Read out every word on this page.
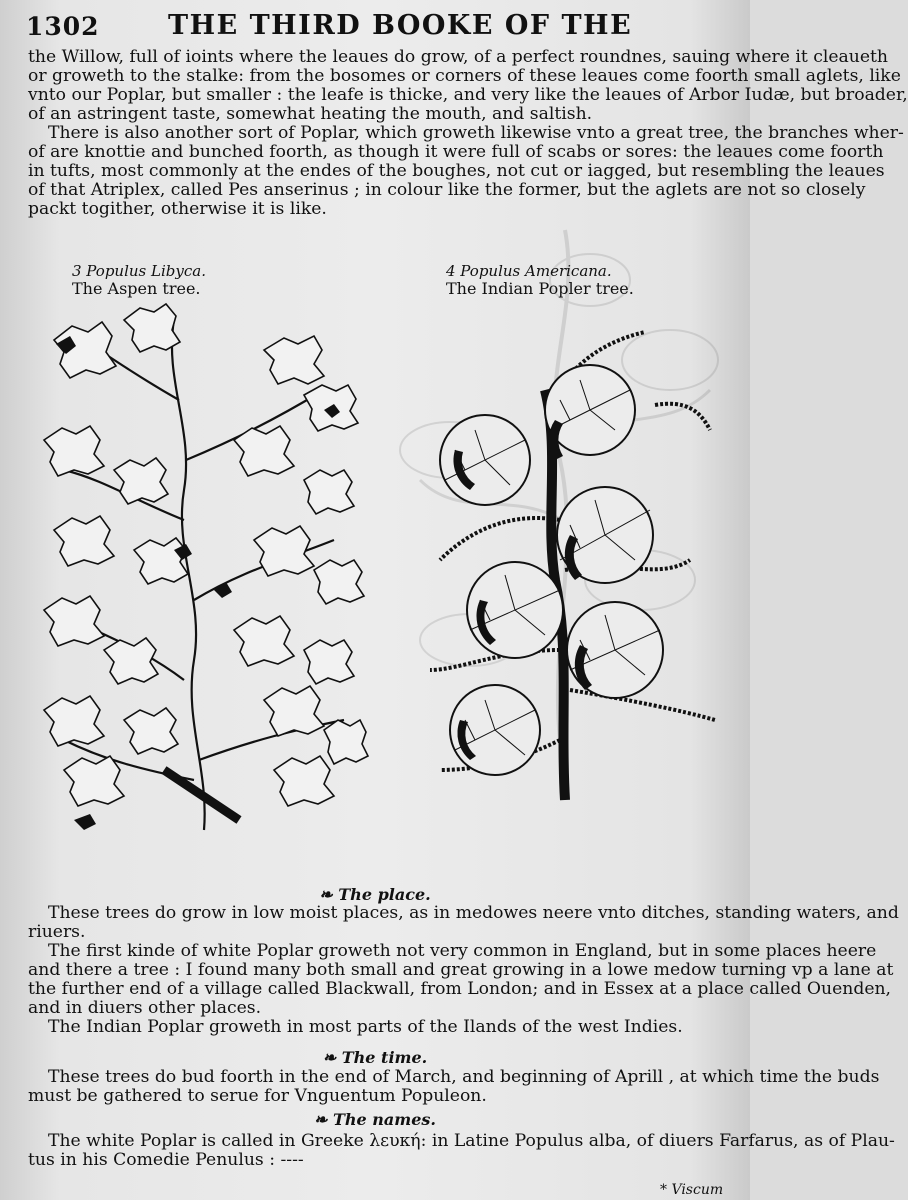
1302	THE THIRD BOOKE OF THE
the Willow, full of ioints where the leaues do grow, of a perfect roundnes, sauing where it cleaueth
or groweth to the stalke: from the bosomes or corners of these leaues come foorth small aglets, like
vnto our Poplar, but smaller : the leafe is thicke, and very like the leaues of Arbor Iudæ, but broader,
of an astringent taste, somewhat heating the mouth, and saltish.
There is also another sort of Poplar, which groweth likewise vnto a great tree, the branches wher-
of are knottie and bunched foorth, as though it were full of scabs or sores: the leaues come foorth
in tufts, most commonly at the endes of the boughes, not cut or iagged, but resembling the leaues
of that Atriplex, called Pes anserinus ; in colour like the former, but the aglets are not so closely
packt togither, otherwise it is like.
3 Populus Libyca.
The Aspen tree.
4 Populus Americana.
The Indian Popler tree.
❧ The place.
These trees do grow in low moist places, as in medowes neere vnto ditches, standing waters, and
riuers.
The first kinde of white Poplar groweth not very common in England, but in some places heere
and there a tree : I found many both small and great growing in a lowe medow turning vp a lane at
the further end of a village called Blackwall, from London; and in Essex at a place called Ouenden,
and in diuers other places.
The Indian Poplar groweth in most parts of the Ilands of the west Indies.
❧ The time.
These trees do bud foorth in the end of March, and beginning of Aprill , at which time the buds
must be gathered to serue for Vnguentum Populeon.
❧ The names.
The white Poplar is called in Greeke λευκή: in Latine Populus alba, of diuers Farfarus, as of Plau-
tus in his Comedie Penulus : ----
* Viscum
